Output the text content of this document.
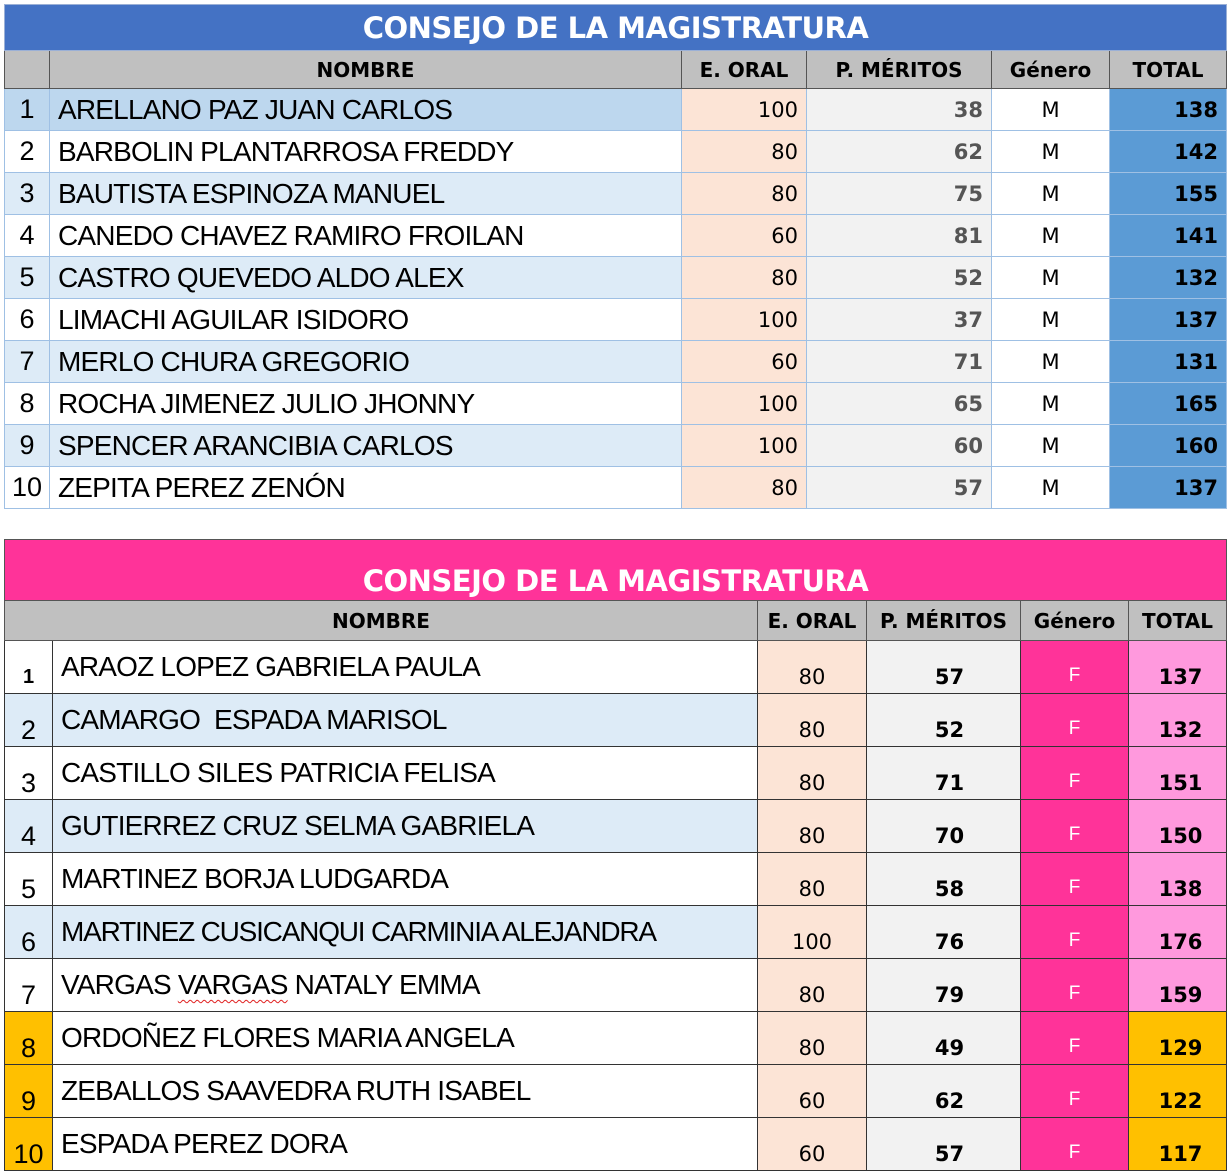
CONSEJO DE LA MAGISTRATURA					
	NOMBRE	E. ORAL	P. MÉRITOS	Género	TOTAL
1	ARELLANO PAZ JUAN CARLOS	100	38	M	138
2	BARBOLIN PLANTARROSA FREDDY	80	62	M	142
3	BAUTISTA ESPINOZA MANUEL	80	75	M	155
4	CANEDO CHAVEZ RAMIRO FROILAN	60	81	M	141
5	CASTRO QUEVEDO ALDO ALEX	80	52	M	132
6	LIMACHI AGUILAR ISIDORO	100	37	M	137
7	MERLO CHURA GREGORIO	60	71	M	131
8	ROCHA JIMENEZ JULIO JHONNY	100	65	M	165
9	SPENCER ARANCIBIA CARLOS	100	60	M	160
10	ZEPITA PEREZ ZENÓN	80	57	M	137
CONSEJO DE LA MAGISTRATURA					
NOMBRE		E. ORAL	P. MÉRITOS	Género	TOTAL
1	ARAOZ LOPEZ GABRIELA PAULA	80	57	F	137
2	CAMARGO  ESPADA MARISOL	80	52	F	132
3	CASTILLO SILES PATRICIA FELISA	80	71	F	151
4	GUTIERREZ CRUZ SELMA GABRIELA	80	70	F	150
5	MARTINEZ BORJA LUDGARDA	80	58	F	138
6	MARTINEZ CUSICANQUI CARMINIA ALEJANDRA	100	76	F	176
7	VARGAS VARGAS NATALY EMMA	80	79	F	159
8	ORDOÑEZ FLORES MARIA ANGELA	80	49	F	129
9	ZEBALLOS SAAVEDRA RUTH ISABEL	60	62	F	122
10	ESPADA PEREZ DORA	60	57	F	117
